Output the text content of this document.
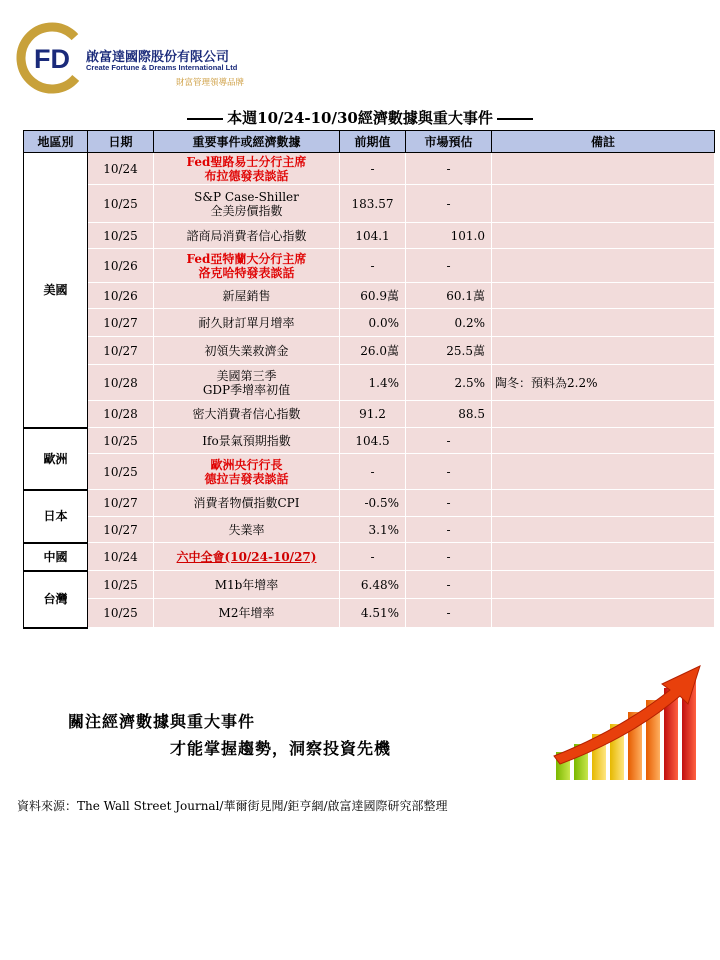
FD 啟富達國際股份有限公司
Create Fortune & Dreams International Ltd
財富管理領導品牌
本週10/24-10/30經濟數據與重大事件
地區別	日期	重要事件或經濟數據	前期值	市場預估	備註
美國	10/24	Fed聖路易士分行主席
布拉德發表談話	-	-	
	10/25	S&P Case-Shiller
全美房價指數	183.57	-	
	10/25	諮商局消費者信心指數	104.1	101.0	
	10/26	Fed亞特蘭大分行主席
洛克哈特發表談話	-	-	
	10/26	新屋銷售	60.9萬	60.1萬	
	10/27	耐久財訂單月增率	0.0%	0.2%	
	10/27	初領失業救濟金	26.0萬	25.5萬	
	10/28	美國第三季
GDP季增率初值	1.4%	2.5%	陶冬：預料為2.2%
	10/28	密大消費者信心指數	91.2	88.5	
歐洲	10/25	Ifo景氣預期指數	104.5	-	
	10/25	歐洲央行行長
德拉吉發表談話	-	-	
日本	10/27	消費者物價指數CPI	-0.5%	-	
	10/27	失業率	3.1%	-	
中國	10/24	六中全會(10/24-10/27)	-	-	
台灣	10/25	M1b年增率	6.48%	-	
	10/25	M2年增率	4.51%	-	
關注經濟數據與重大事件
才能掌握趨勢，洞察投資先機
資料來源：The Wall Street Journal/華爾街見聞/鉅亨網/啟富達國際研究部整理
